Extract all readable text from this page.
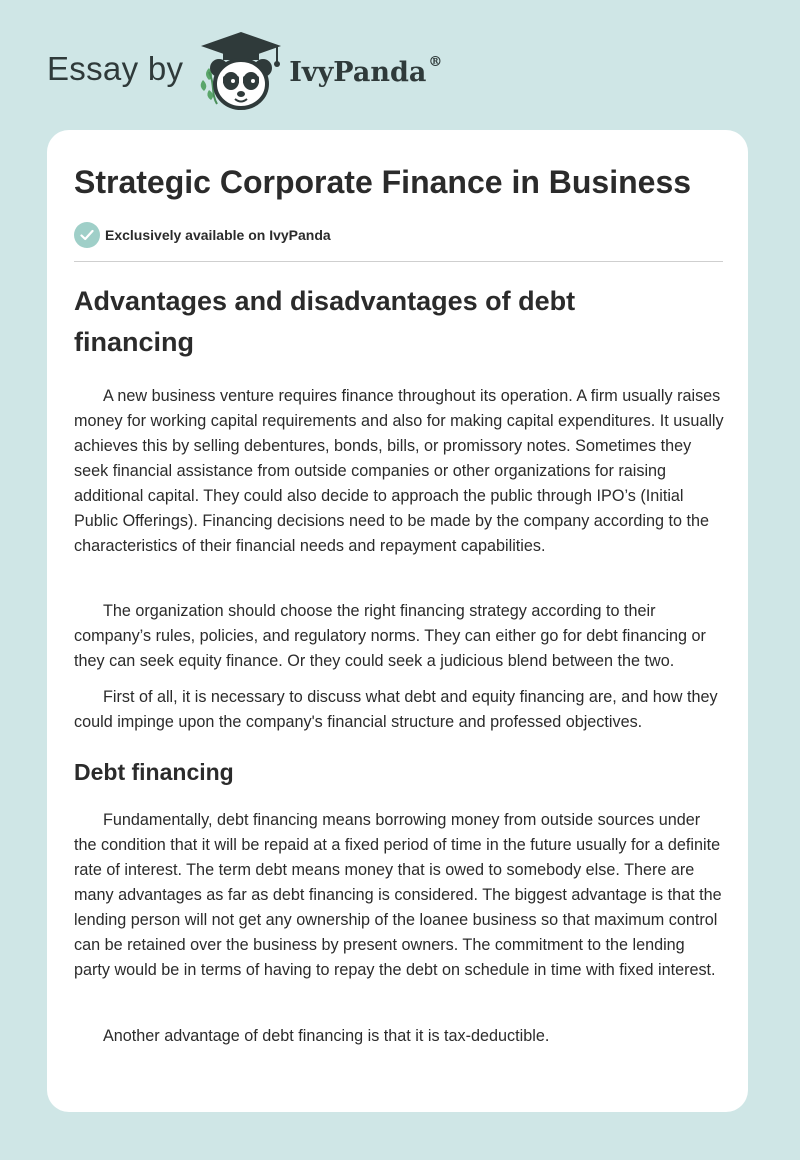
Essay by	IvyPanda ®
Strategic Corporate Finance in Business
Exclusively available on IvyPanda
Advantages and disadvantages of debt financing

A new business venture requires finance throughout its operation. A firm usually raises money for working capital requirements and also for making capital expenditures. It usually achieves this by selling debentures, bonds, bills, or promissory notes. Sometimes they seek financial assistance from outside companies or other organizations for raising additional capital. They could also decide to approach the public through IPO’s (Initial Public Offerings). Financing decisions need to be made by the company according to the characteristics of their financial needs and repayment capabilities.

The organization should choose the right financing strategy according to their company’s rules, policies, and regulatory norms. They can either go for debt financing or they can seek equity finance. Or they could seek a judicious blend between the two.

First of all, it is necessary to discuss what debt and equity financing are, and how they could impinge upon the company's financial structure and professed objectives.

Debt financing

Fundamentally, debt financing means borrowing money from outside sources under the condition that it will be repaid at a fixed period of time in the future usually for a definite rate of interest. The term debt means money that is owed to somebody else. There are many advantages as far as debt financing is considered. The biggest advantage is that the lending person will not get any ownership of the loanee business so that maximum control can be retained over the business by present owners. The commitment to the lending party would be in terms of having to repay the debt on schedule in time with fixed interest.

Another advantage of debt financing is that it is tax-deductible.
